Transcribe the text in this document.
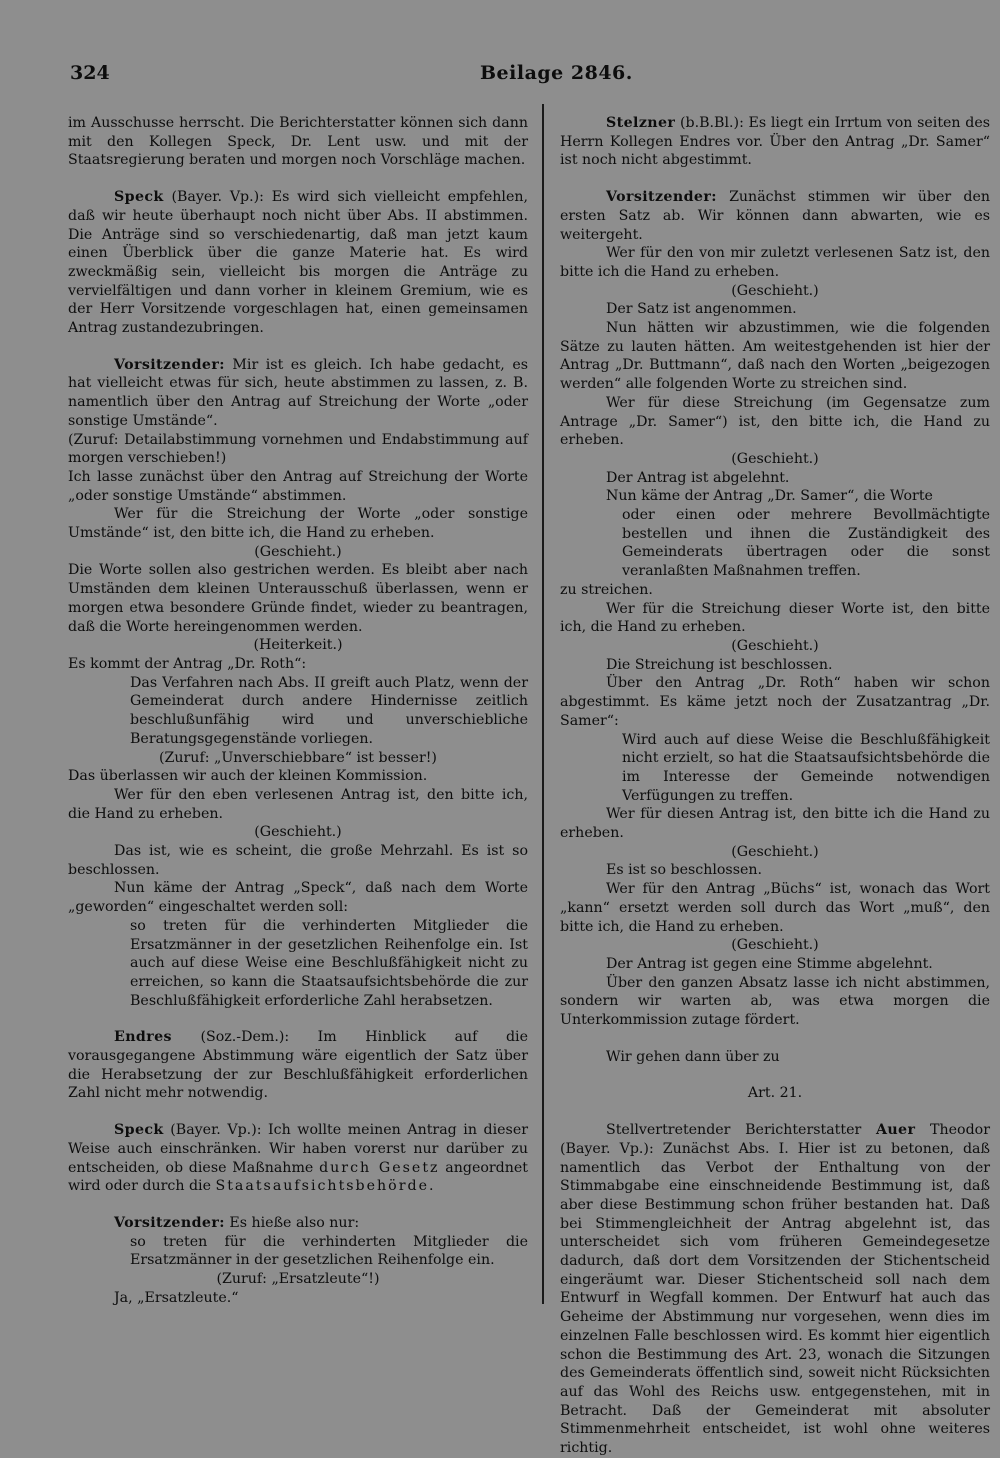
324	Beilage 2846.

im Ausschusse herrscht. Die Berichterstatter können sich dann mit den Kollegen Speck, Dr. Lent usw. und mit der Staatsregierung beraten und morgen noch Vorschläge machen.

Speck (Bayer. Vp.): Es wird sich vielleicht empfehlen, daß wir heute überhaupt noch nicht über Abs. II abstimmen. Die Anträge sind so verschiedenartig, daß man jetzt kaum einen Überblick über die ganze Materie hat. Es wird zweckmäßig sein, vielleicht bis morgen die Anträge zu vervielfältigen und dann vorher in kleinem Gremium, wie es der Herr Vorsitzende vorgeschlagen hat, einen gemeinsamen Antrag zustandezubringen.

Vorsitzender: Mir ist es gleich. Ich habe gedacht, es hat vielleicht etwas für sich, heute abstimmen zu lassen, z. B. namentlich über den Antrag auf Streichung der Worte „oder sonstige Umstände“.

(Zuruf: Detailabstimmung vornehmen und Endabstimmung auf morgen verschieben!)

Ich lasse zunächst über den Antrag auf Streichung der Worte „oder sonstige Umstände“ abstimmen.

Wer für die Streichung der Worte „oder sonstige Umstände“ ist, den bitte ich, die Hand zu erheben.

(Geschieht.)

Die Worte sollen also gestrichen werden. Es bleibt aber nach Umständen dem kleinen Unterausschuß überlassen, wenn er morgen etwa besondere Gründe findet, wieder zu beantragen, daß die Worte hereingenommen werden.

(Heiterkeit.)

Es kommt der Antrag „Dr. Roth“:

Das Verfahren nach Abs. II greift auch Platz, wenn der Gemeinderat durch andere Hindernisse zeitlich beschlußunfähig wird und unverschiebliche Beratungsgegenstände vorliegen.

(Zuruf: „Unverschiebbare“ ist besser!)

Das überlassen wir auch der kleinen Kommission.

Wer für den eben verlesenen Antrag ist, den bitte ich, die Hand zu erheben.

(Geschieht.)

Das ist, wie es scheint, die große Mehrzahl. Es ist so beschlossen.

Nun käme der Antrag „Speck“, daß nach dem Worte „geworden“ eingeschaltet werden soll:

so treten für die verhinderten Mitglieder die Ersatzmänner in der gesetzlichen Reihenfolge ein. Ist auch auf diese Weise eine Beschlußfähigkeit nicht zu erreichen, so kann die Staatsaufsichtsbehörde die zur Beschlußfähigkeit erforderliche Zahl herabsetzen.

Endres (Soz.-Dem.): Im Hinblick auf die vorausgegangene Abstimmung wäre eigentlich der Satz über die Herabsetzung der zur Beschlußfähigkeit erforderlichen Zahl nicht mehr notwendig.

Speck (Bayer. Vp.): Ich wollte meinen Antrag in dieser Weise auch einschränken. Wir haben vorerst nur darüber zu entscheiden, ob diese Maßnahme durch Gesetz angeordnet wird oder durch die Staatsaufsichtsbehörde.

Vorsitzender: Es hieße also nur:

so treten für die verhinderten Mitglieder die Ersatzmänner in der gesetzlichen Reihenfolge ein.

(Zuruf: „Ersatzleute“!)

Ja, „Ersatzleute.“

Stelzner (b.B.Bl.): Es liegt ein Irrtum von seiten des Herrn Kollegen Endres vor. Über den Antrag „Dr. Samer“ ist noch nicht abgestimmt.

Vorsitzender: Zunächst stimmen wir über den ersten Satz ab. Wir können dann abwarten, wie es weitergeht.

Wer für den von mir zuletzt verlesenen Satz ist, den bitte ich die Hand zu erheben.

(Geschieht.)

Der Satz ist angenommen.

Nun hätten wir abzustimmen, wie die folgenden Sätze zu lauten hätten. Am weitestgehenden ist hier der Antrag „Dr. Buttmann“, daß nach den Worten „beigezogen werden“ alle folgenden Worte zu streichen sind.

Wer für diese Streichung (im Gegensatze zum Antrage „Dr. Samer“) ist, den bitte ich, die Hand zu erheben.

(Geschieht.)

Der Antrag ist abgelehnt.

Nun käme der Antrag „Dr. Samer“, die Worte

oder einen oder mehrere Bevollmächtigte bestellen und ihnen die Zuständigkeit des Gemeinderats übertragen oder die sonst veranlaßten Maßnahmen treffen.

zu streichen.

Wer für die Streichung dieser Worte ist, den bitte ich, die Hand zu erheben.

(Geschieht.)

Die Streichung ist beschlossen.

Über den Antrag „Dr. Roth“ haben wir schon abgestimmt. Es käme jetzt noch der Zusatzantrag „Dr. Samer“:

Wird auch auf diese Weise die Beschlußfähigkeit nicht erzielt, so hat die Staatsaufsichtsbehörde die im Interesse der Gemeinde notwendigen Verfügungen zu treffen.

Wer für diesen Antrag ist, den bitte ich die Hand zu erheben.

(Geschieht.)

Es ist so beschlossen.

Wer für den Antrag „Büchs“ ist, wonach das Wort „kann“ ersetzt werden soll durch das Wort „muß“, den bitte ich, die Hand zu erheben.

(Geschieht.)

Der Antrag ist gegen eine Stimme abgelehnt.

Über den ganzen Absatz lasse ich nicht abstimmen, sondern wir warten ab, was etwa morgen die Unterkommission zutage fördert.

Wir gehen dann über zu

Art. 21.

Stellvertretender Berichterstatter Auer Theodor (Bayer. Vp.): Zunächst Abs. I. Hier ist zu betonen, daß namentlich das Verbot der Enthaltung von der Stimmabgabe eine einschneidende Bestimmung ist, daß aber diese Bestimmung schon früher bestanden hat. Daß bei Stimmengleichheit der Antrag abgelehnt ist, das unterscheidet sich vom früheren Gemeindegesetze dadurch, daß dort dem Vorsitzenden der Stichentscheid eingeräumt war. Dieser Stichentscheid soll nach dem Entwurf in Wegfall kommen. Der Entwurf hat auch das Geheime der Abstimmung nur vorgesehen, wenn dies im einzelnen Falle beschlossen wird. Es kommt hier eigentlich schon die Bestimmung des Art. 23, wonach die Sitzungen des Gemeinderats öffentlich sind, soweit nicht Rücksichten auf das Wohl des Reichs usw. entgegenstehen, mit in Betracht. Daß der Gemeinderat mit absoluter Stimmenmehrheit entscheidet, ist wohl ohne weiteres richtig.
